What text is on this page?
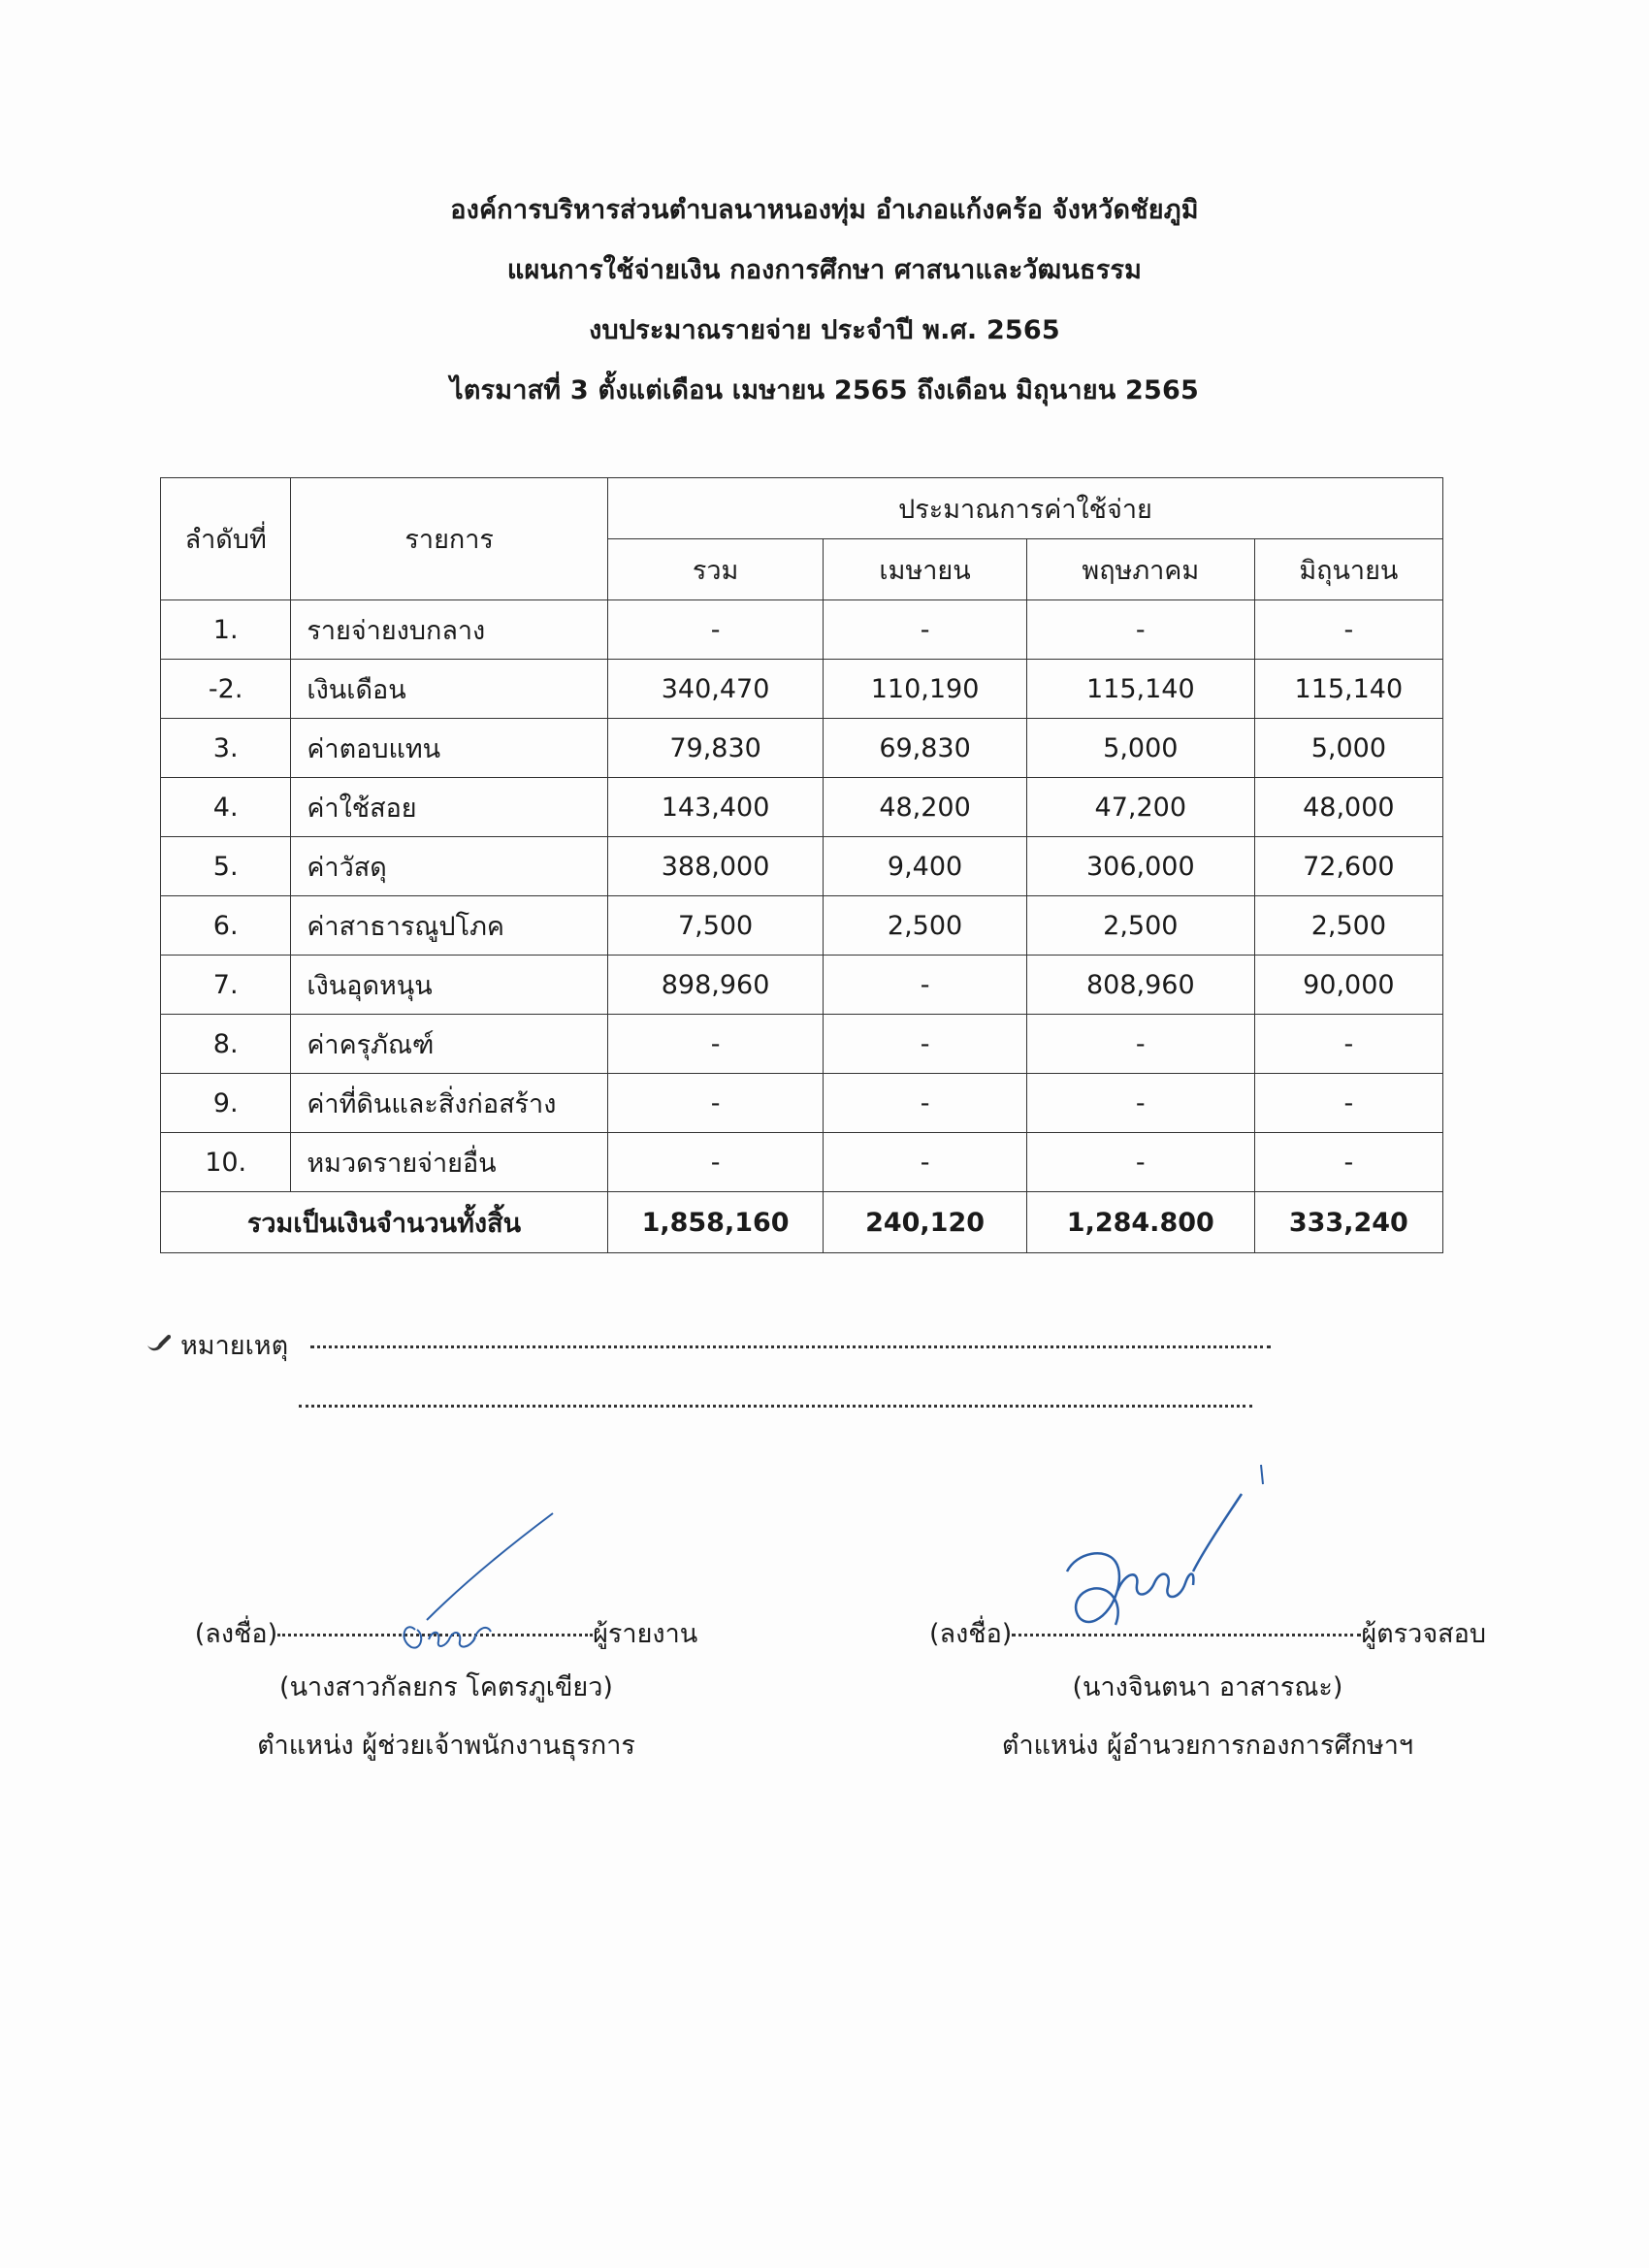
องค์การบริหารส่วนตำบลนาหนองทุ่ม อำเภอแก้งคร้อ จังหวัดชัยภูมิ
แผนการใช้จ่ายเงิน กองการศึกษา ศาสนาและวัฒนธรรม
งบประมาณรายจ่าย ประจำปี พ.ศ. 2565
ไตรมาสที่ 3 ตั้งแต่เดือน เมษายน 2565 ถึงเดือน มิถุนายน 2565
ลำดับที่	รายการ	ประมาณการค่าใช้จ่าย			
		รวม	เมษายน	พฤษภาคม	มิถุนายน
1.	รายจ่ายงบกลาง	-	-	-	-
-2.	เงินเดือน	340,470	110,190	115,140	115,140
3.	ค่าตอบแทน	79,830	69,830	5,000	5,000
4.	ค่าใช้สอย	143,400	48,200	47,200	48,000
5.	ค่าวัสดุ	388,000	9,400	306,000	72,600
6.	ค่าสาธารณูปโภค	7,500	2,500	2,500	2,500
7.	เงินอุดหนุน	898,960	-	808,960	90,000
8.	ค่าครุภัณฑ์	-	-	-	-
9.	ค่าที่ดินและสิ่งก่อสร้าง	-	-	-	-
10.	หมวดรายจ่ายอื่น	-	-	-	-
รวมเป็นเงินจำนวนทั้งสิ้น		1,858,160	240,120	1,284.800	333,240
หมายเหตุ
(ลงชื่อ)	ผู้รายงาน
(นางสาวกัลยกร โคตรภูเขียว)
ตำแหน่ง ผู้ช่วยเจ้าพนักงานธุรการ
(ลงชื่อ)	ผู้ตรวจสอบ
(นางจินตนา อาสารณะ)
ตำแหน่ง ผู้อำนวยการกองการศึกษาฯ
